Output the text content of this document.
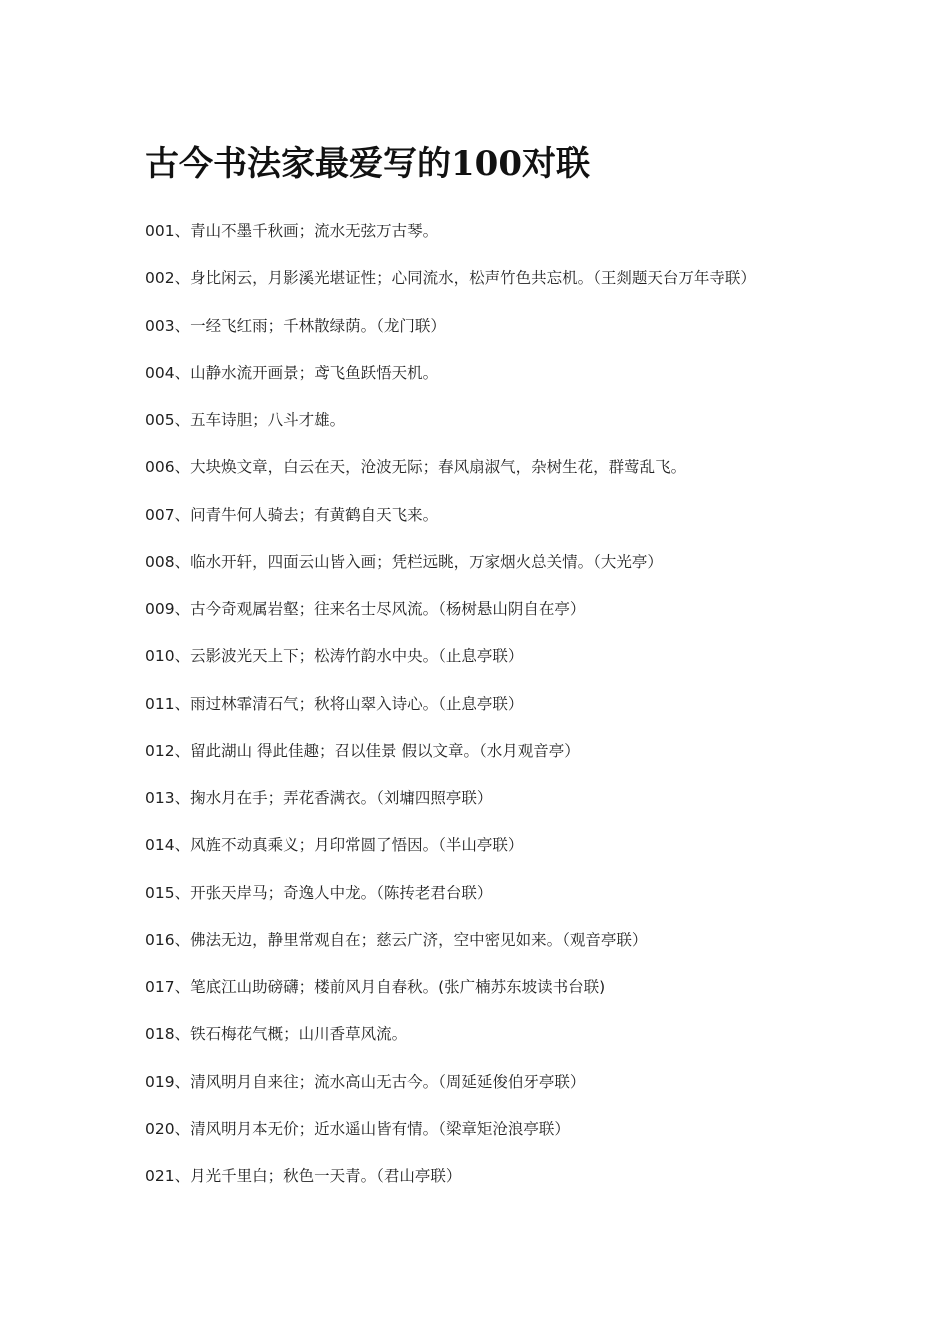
古今书法家最爱写的100对联
001、青山不墨千秋画；流水无弦万古琴。
002、身比闲云，月影溪光堪证性；心同流水，松声竹色共忘机。（王剡题天台万年寺联）
003、一经飞红雨；千林散绿荫。（龙门联）
004、山静水流开画景；鸢飞鱼跃悟天机。
005、五车诗胆；八斗才雄。
006、大块焕文章，白云在天，沧波无际；春风扇淑气，杂树生花，群莺乱飞。
007、问青牛何人骑去；有黄鹤自天飞来。
008、临水开轩，四面云山皆入画；凭栏远眺，万家烟火总关情。（大光亭）
009、古今奇观属岩壑；往来名士尽风流。（杨树悬山阴自在亭）
010、云影波光天上下；松涛竹韵水中央。（止息亭联）
011、雨过林霏清石气；秋将山翠入诗心。（止息亭联）
012、留此湖山 得此佳趣；召以佳景 假以文章。（水月观音亭）
013、掬水月在手；弄花香满衣。（刘墉四照亭联）
014、风旌不动真乘义；月印常圆了悟因。（半山亭联）
015、开张天岸马；奇逸人中龙。（陈抟老君台联）
016、佛法无边，静里常观自在；慈云广济，空中密见如来。（观音亭联）
017、笔底江山助磅礴；楼前风月自春秋。(张广楠苏东坡读书台联)
018、铁石梅花气概；山川香草风流。
019、清风明月自来往；流水高山无古今。（周延延俊伯牙亭联）
020、清风明月本无价；近水遥山皆有情。（梁章矩沧浪亭联）
021、月光千里白；秋色一天青。（君山亭联）
